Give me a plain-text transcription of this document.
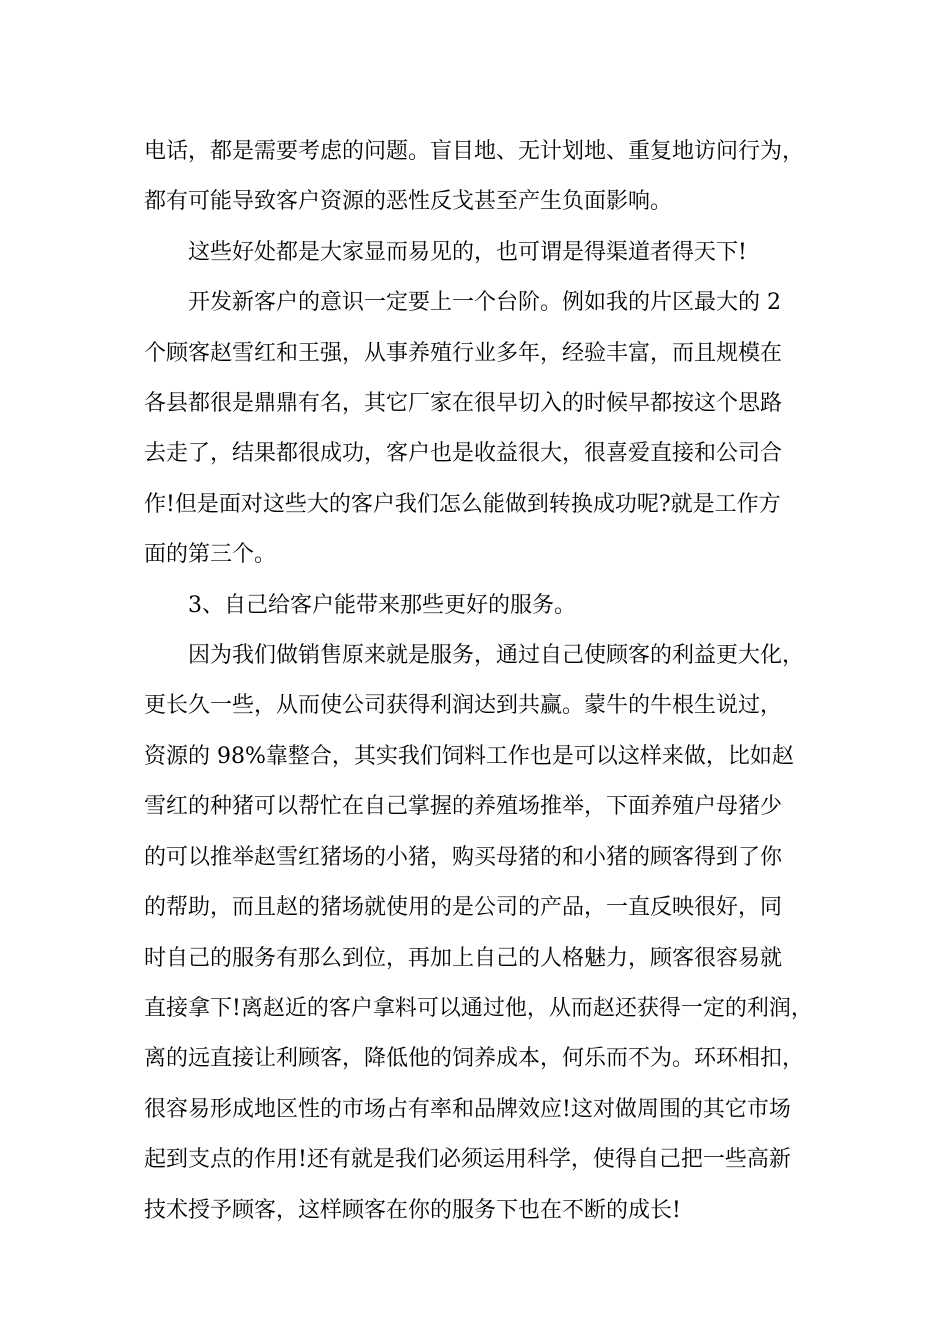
电话，都是需要考虑的问题。盲目地、无计划地、重复地访问行为，

都有可能导致客户资源的恶性反戈甚至产生负面影响。

这些好处都是大家显而易见的，也可谓是得渠道者得天下!

开发新客户的意识一定要上一个台阶。例如我的片区最大的 2

个顾客赵雪红和王强，从事养殖行业多年，经验丰富，而且规模在

各县都很是鼎鼎有名，其它厂家在很早切入的时候早都按这个思路

去走了，结果都很成功，客户也是收益很大，很喜爱直接和公司合

作!但是面对这些大的客户我们怎么能做到转换成功呢?就是工作方

面的第三个。

3、自己给客户能带来那些更好的服务。

因为我们做销售原来就是服务，通过自己使顾客的利益更大化，

更长久一些，从而使公司获得利润达到共赢。蒙牛的牛根生说过，

资源的 98%靠整合，其实我们饲料工作也是可以这样来做，比如赵

雪红的种猪可以帮忙在自己掌握的养殖场推举，下面养殖户母猪少

的可以推举赵雪红猪场的小猪，购买母猪的和小猪的顾客得到了你

的帮助，而且赵的猪场就使用的是公司的产品，一直反映很好，同

时自己的服务有那么到位，再加上自己的人格魅力，顾客很容易就

直接拿下!离赵近的客户拿料可以通过他，从而赵还获得一定的利润，

离的远直接让利顾客，降低他的饲养成本，何乐而不为。环环相扣，

很容易形成地区性的市场占有率和品牌效应!这对做周围的其它市场

起到支点的作用!还有就是我们必须运用科学，使得自己把一些高新

技术授予顾客，这样顾客在你的服务下也在不断的成长!
